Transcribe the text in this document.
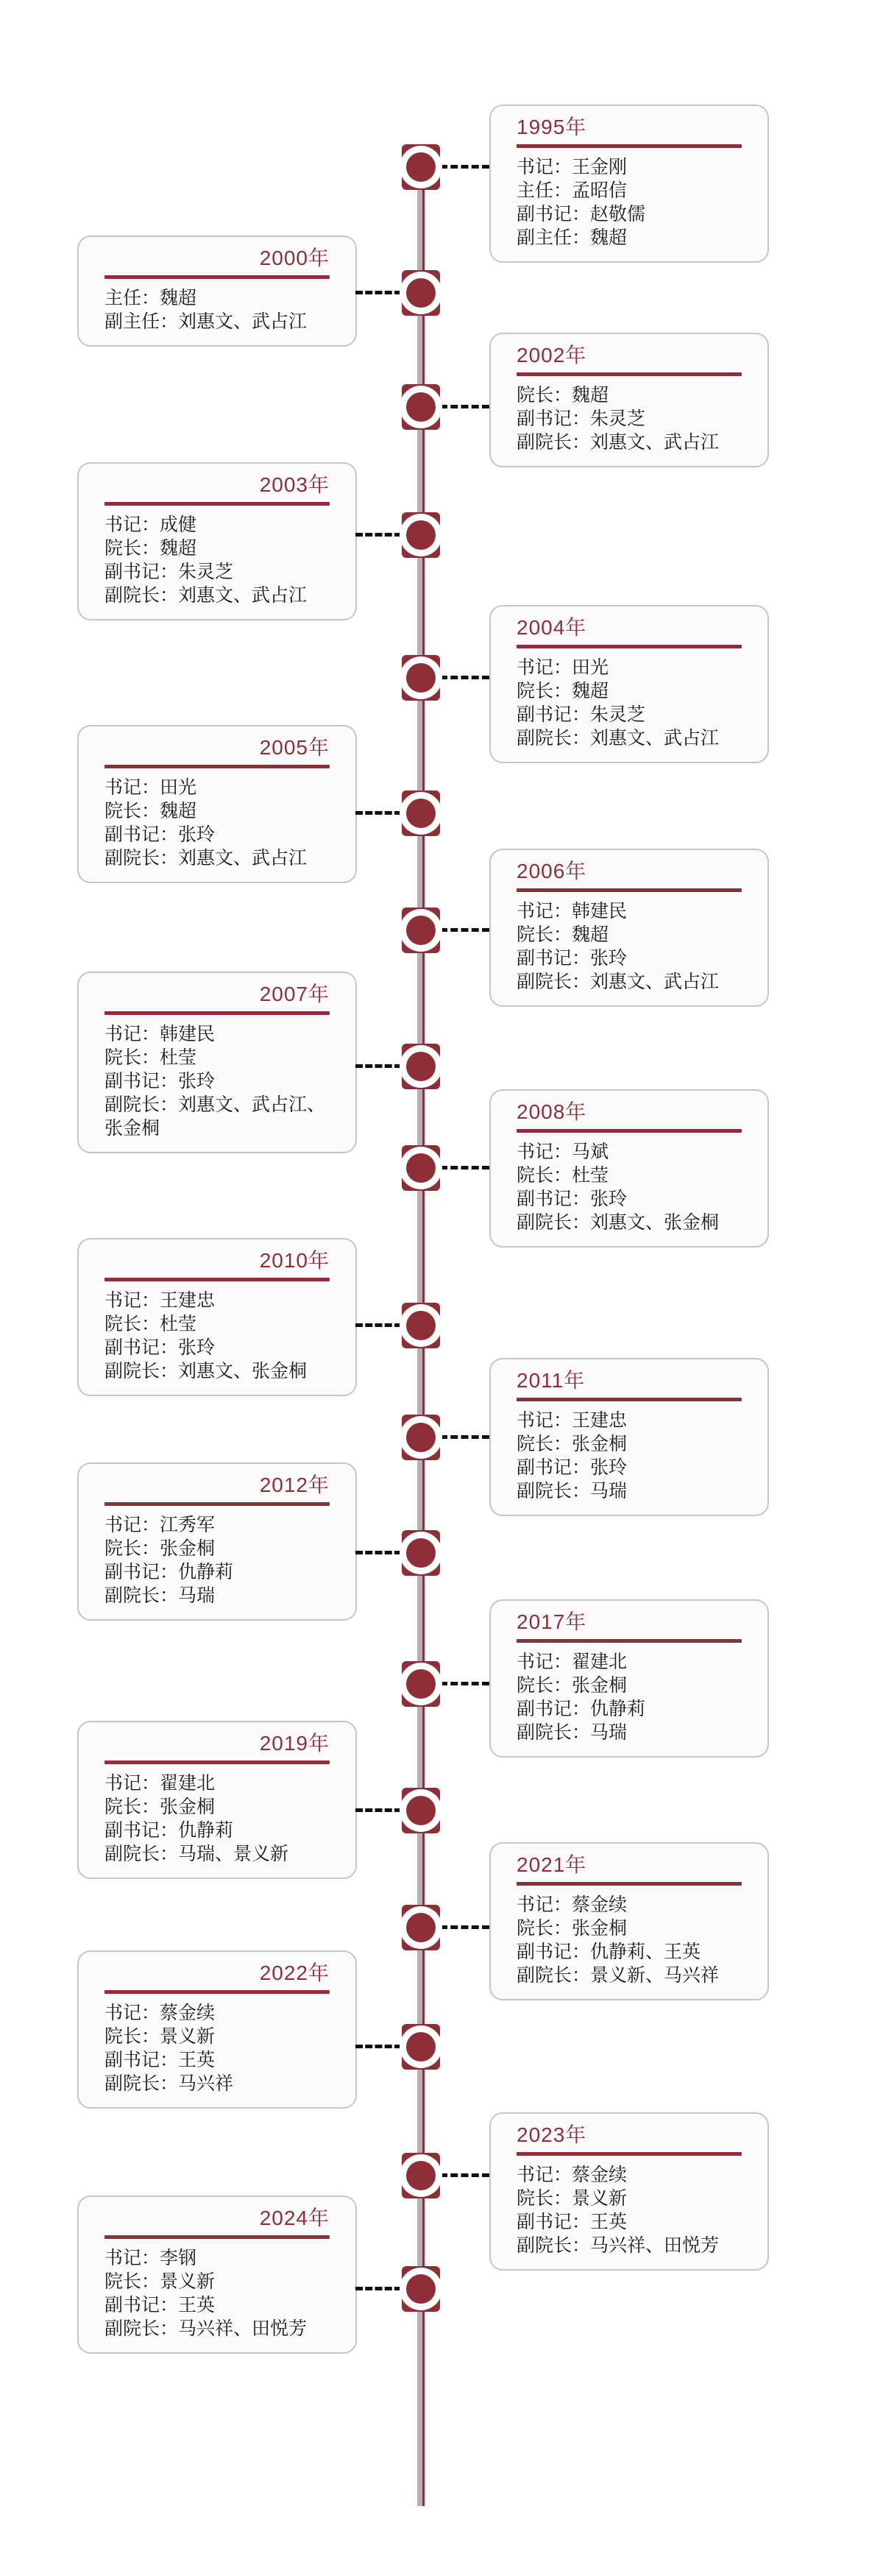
1995年
书记：王金刚
主任：孟昭信
副书记：赵敬儒
副主任：魏超
2000年
主任：魏超
副主任：刘惠文、武占江
2002年
院长：魏超
副书记：朱灵芝
副院长：刘惠文、武占江
2003年
书记：成健
院长：魏超
副书记：朱灵芝
副院长：刘惠文、武占江
2004年
书记：田光
院长：魏超
副书记：朱灵芝
副院长：刘惠文、武占江
2005年
书记：田光
院长：魏超
副书记：张玲
副院长：刘惠文、武占江
2006年
书记：韩建民
院长：魏超
副书记：张玲
副院长：刘惠文、武占江
2007年
书记：韩建民
院长：杜莹
副书记：张玲
副院长：刘惠文、武占江、张金桐
2008年
书记：马斌
院长：杜莹
副书记：张玲
副院长：刘惠文、张金桐
2010年
书记：王建忠
院长：杜莹
副书记：张玲
副院长：刘惠文、张金桐	2011年
书记：王建忠
院长：张金桐
副书记：张玲
副院长：马瑞
2012年
书记：江秀军
院长：张金桐
副书记：仇静莉
副院长：马瑞
2017年
书记：翟建北
院长：张金桐
副书记：仇静莉
副院长：马瑞
2019年
书记：翟建北
院长：张金桐
副书记：仇静莉
副院长：马瑞、景义新	2021年
书记：蔡金续
院长：张金桐
副书记：仇静莉、王英
副院长：景义新、马兴祥
2022年
书记：蔡金续
院长：景义新
副书记：王英
副院长：马兴祥
2023年
书记：蔡金续
院长：景义新
副书记：王英
副院长：马兴祥、田悦芳
2024年
书记：李钢
院长：景义新
副书记：王英
副院长：马兴祥、田悦芳
